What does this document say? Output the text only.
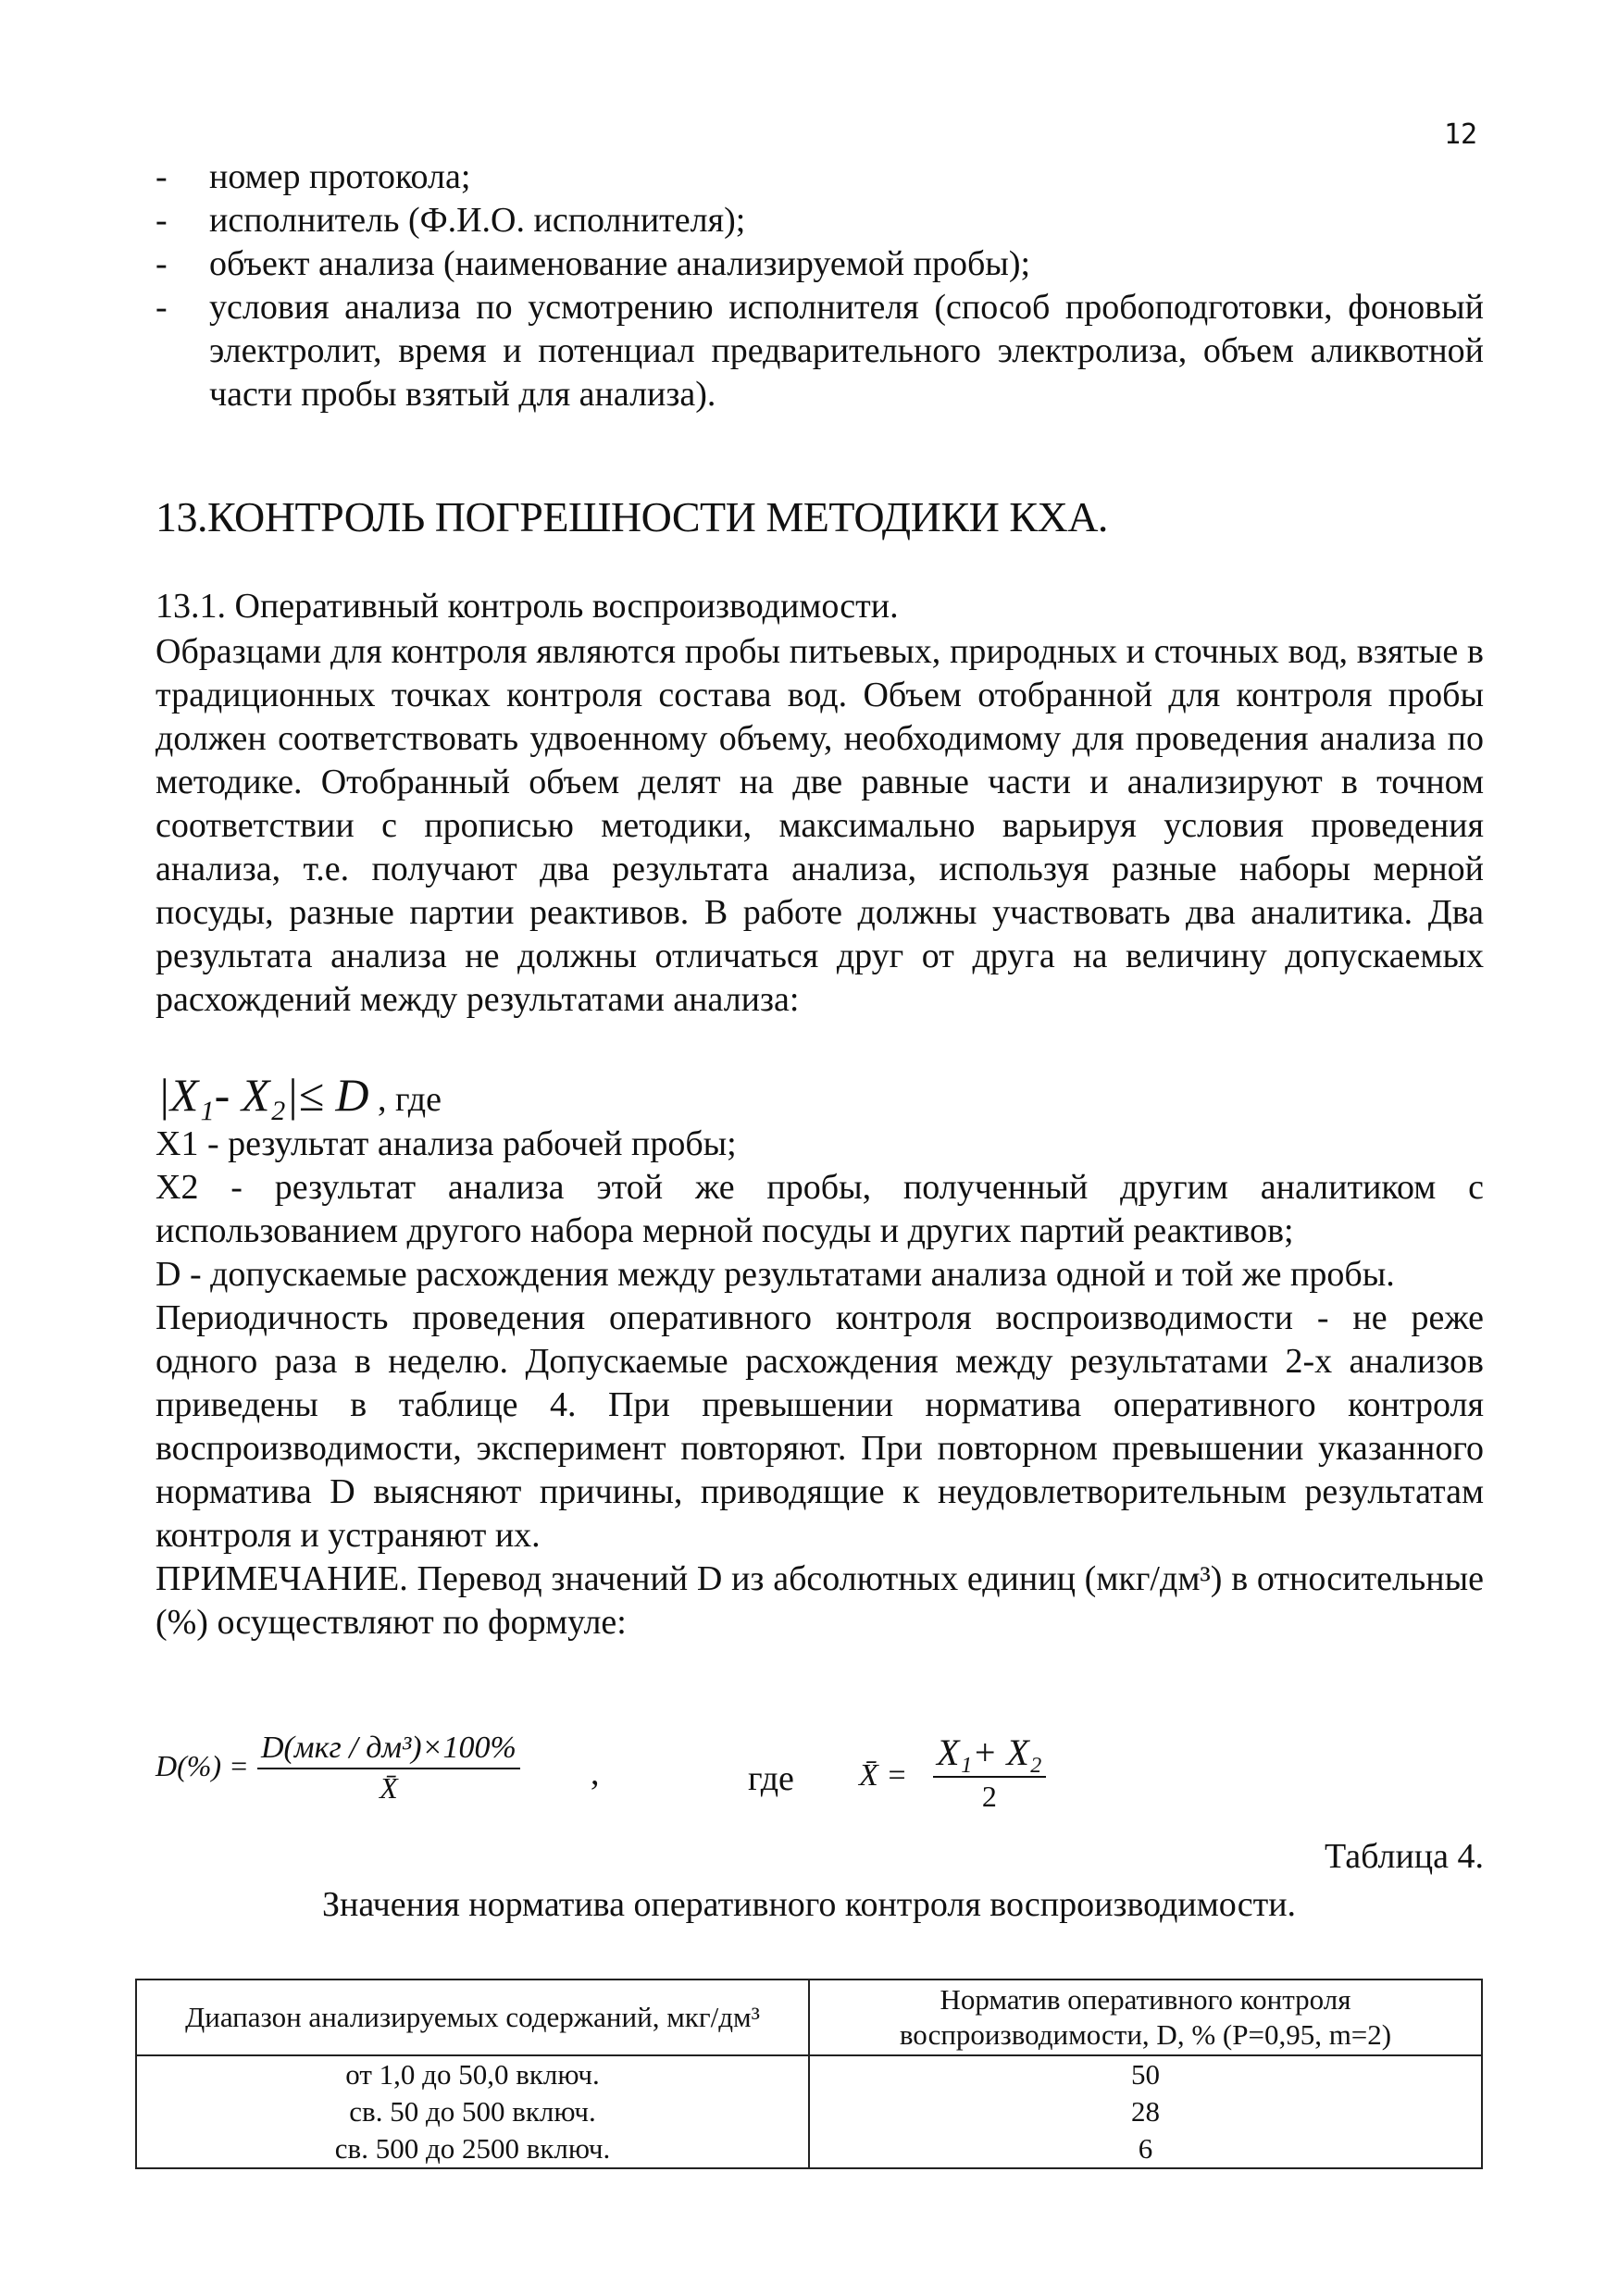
12
-	номер протокола;
-	исполнитель (Ф.И.О. исполнителя);
-	объект анализа (наименование анализируемой пробы);
-	условия анализа по усмотрению исполнителя (способ пробоподготовки, фоновый электролит, время и потенциал предварительного электролиза, объем аликвотной части пробы взятый для анализа).
13.КОНТРОЛЬ ПОГРЕШНОСТИ МЕТОДИКИ КХА.
13.1. Оперативный контроль воспроизводимости.
Образцами для контроля являются пробы питьевых, природных и сточных вод, взятые в традиционных точках контроля состава вод. Объем отобранной для контроля пробы должен соответствовать удвоенному объему, необходимому для проведения анализа по методике. Отобранный объем делят на две равные части и анализируют в точном соответствии с прописью методики, максимально варьируя условия проведения анализа, т.е. получают два результата анализа, используя разные наборы мерной посуды, разные партии реактивов. В работе должны участвовать два аналитика. Два результата анализа не должны отличаться друг от друга на величину допускаемых расхождений между результатами анализа:
|X₁- X₂|≤ D , где
X1 - результат анализа рабочей пробы;
X2 - результат анализа этой же пробы, полученный другим аналитиком с использованием другого набора мерной посуды и других партий реактивов;
D - допускаемые расхождения между результатами анализа одной и той же пробы.
Периодичность проведения оперативного контроля воспроизводимости - не реже одного раза в неделю. Допускаемые расхождения между результатами 2-х анализов приведены в таблице 4. При превышении норматива оперативного контроля воспроизводимости, эксперимент повторяют. При повторном превышении указанного норматива D выясняют причины, приводящие к неудовлетворительным результатам контроля и устраняют их.
ПРИМЕЧАНИЕ. Перевод значений D из абсолютных единиц (мкг/дм³) в относительные (%) осуществляют по формуле:
D(%) =
D(мкг / дм³)×100%
X̄	,	где X̄ =
X₁+ X₂
2
Таблица 4.
Значения норматива оперативного контроля воспроизводимости.
Диапазон анализируемых содержаний, мкг/дм³	Норматив оперативного контроля воспроизводимости, D, % (Р=0,95, m=2)
от 1,0 до 50,0 включ.	50
св. 50 до 500 включ.	28
св. 500 до 2500 включ.	6
